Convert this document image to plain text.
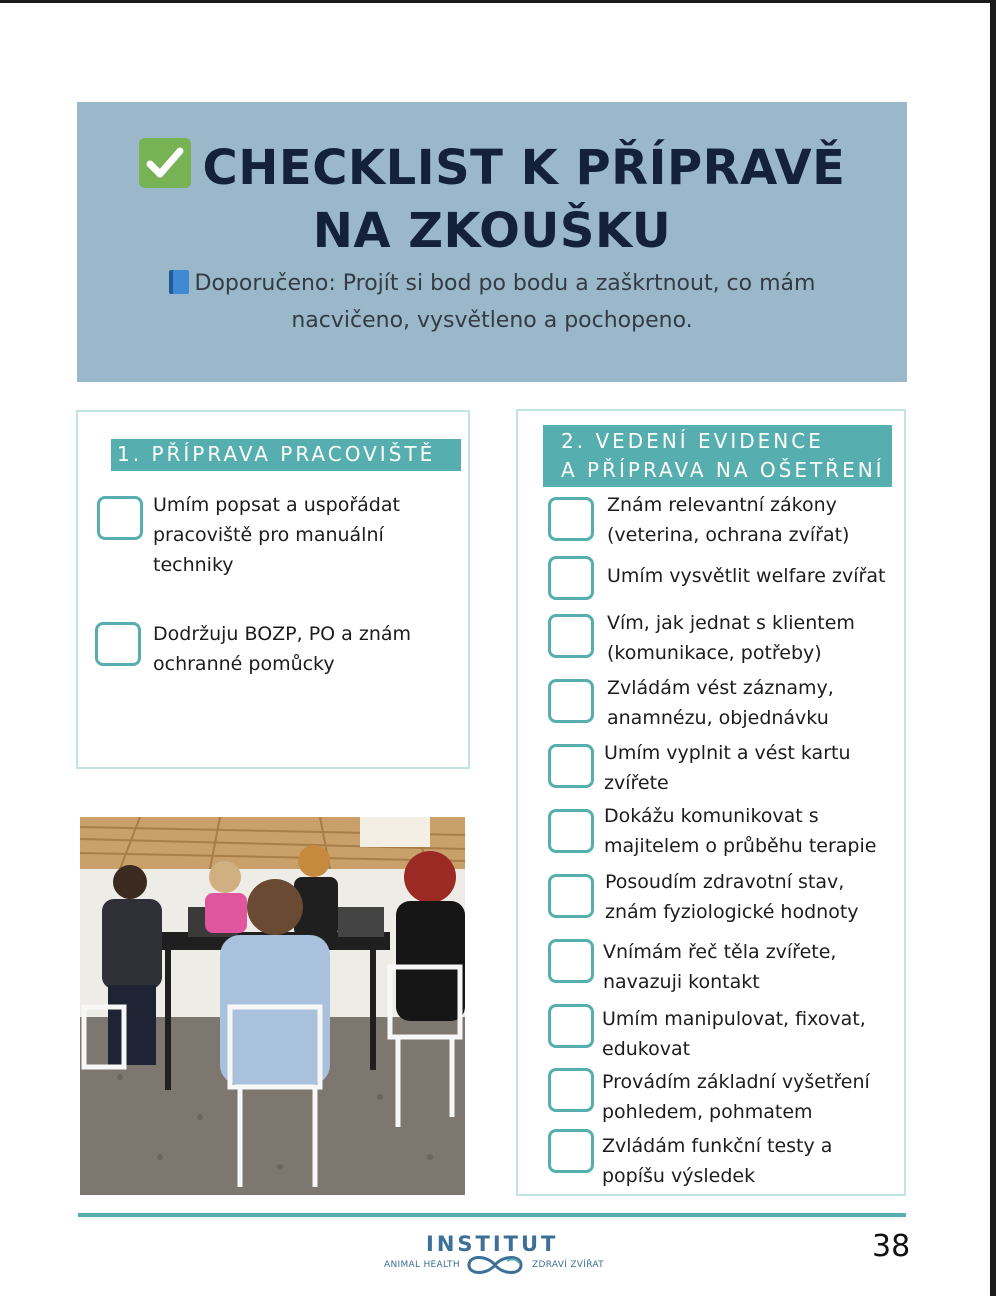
CHECKLIST K PŘÍPRAVĚ
NA ZKOUŠKU
Doporučeno: Projít si bod po bodu a zaškrtnout, co mám
nacvičeno, vysvětleno a pochopeno.
1. PŘÍPRAVA PRACOVIŠTĚ
Umím popsat a uspořádat
pracoviště pro manuální
techniky
Dodržuju BOZP, PO a znám
ochranné pomůcky
2. VEDENÍ EVIDENCE
A PŘÍPRAVA NA OŠETŘENÍ
Znám relevantní zákony
(veterina, ochrana zvířat)
Umím vysvětlit welfare zvířat
Vím, jak jednat s klientem
(komunikace, potřeby)
Zvládám vést záznamy,
anamnézu, objednávku
Umím vyplnit a vést kartu
zvířete
Dokážu komunikovat s
majitelem o průběhu terapie
Posoudím zdravotní stav,
znám fyziologické hodnoty
Vnímám řeč těla zvířete,
navazuji kontakt
Umím manipulovat, fixovat,
edukovat
Provádím základní vyšetření
pohledem, pohmatem
Zvládám funkční testy a
popíšu výsledek
INSTITUT
ANIMAL HEALTH	ZDRAVÍ ZVÍŘAT
38
